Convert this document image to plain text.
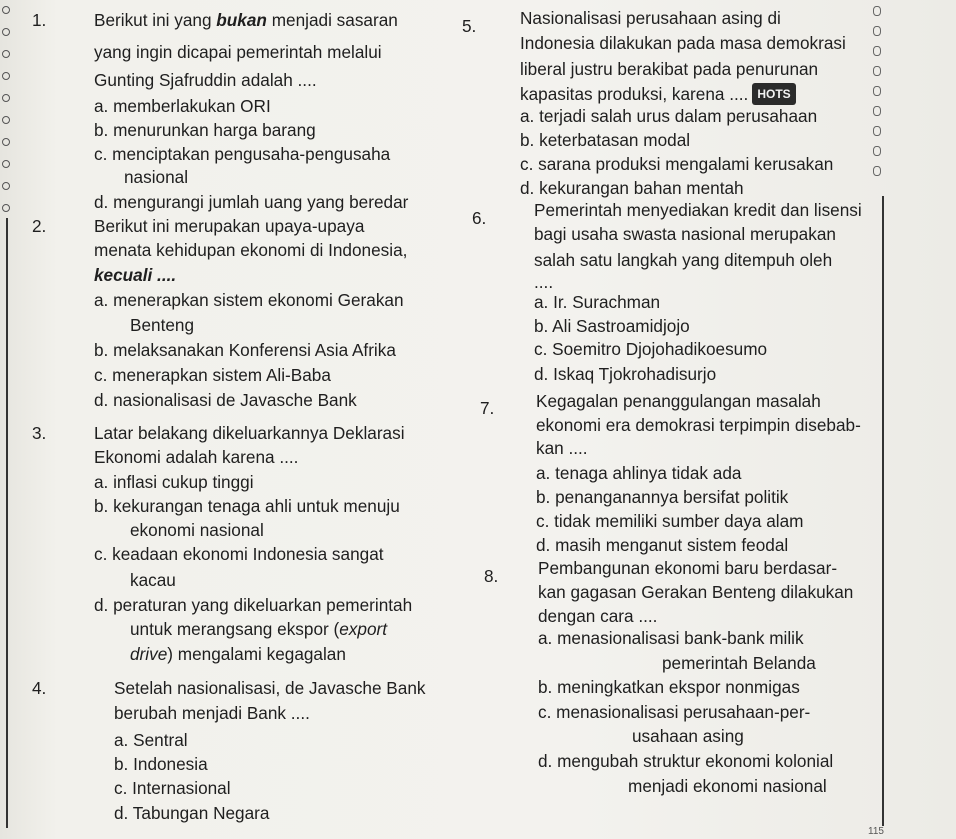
1.	Berikut ini yang bukan menjadi sasaran
yang ingin dicapai pemerintah melalui
Gunting Sjafruddin adalah ....
a. memberlakukan ORI
b. menurunkan harga barang
c. menciptakan pengusaha-pengusaha
nasional
d. mengurangi jumlah uang yang beredar
2.	Berikut ini merupakan upaya-upaya
menata kehidupan ekonomi di Indonesia,
kecuali ....
a. menerapkan sistem ekonomi Gerakan
Benteng
b. melaksanakan Konferensi Asia Afrika
c. menerapkan sistem Ali-Baba
d. nasionalisasi de Javasche Bank
3.	Latar belakang dikeluarkannya Deklarasi
Ekonomi adalah karena ....
a. inflasi cukup tinggi
b. kekurangan tenaga ahli untuk menuju
ekonomi nasional
c. keadaan ekonomi Indonesia sangat
kacau
d. peraturan yang dikeluarkan pemerintah
untuk merangsang ekspor (export
drive) mengalami kegagalan
4.	Setelah nasionalisasi, de Javasche Bank
berubah menjadi Bank ....
a. Sentral
b. Indonesia
c. Internasional
d. Tabungan Negara
5.	Nasionalisasi perusahaan asing di
Indonesia dilakukan pada masa demokrasi
liberal justru berakibat pada penurunan
kapasitas produksi, karena .... HOTS
a. terjadi salah urus dalam perusahaan
b. keterbatasan modal
c. sarana produksi mengalami kerusakan
d. kekurangan bahan mentah
6.	Pemerintah menyediakan kredit dan lisensi
bagi usaha swasta nasional merupakan
salah satu langkah yang ditempuh oleh
....
a. Ir. Surachman
b. Ali Sastroamidjojo
c. Soemitro Djojohadikoesumo
d. Iskaq Tjokrohadisurjo
7. Kegagalan penanggulangan masalah
ekonomi era demokrasi terpimpin disebab-
kan ....
a. tenaga ahlinya tidak ada
b. penanganannya bersifat politik
c. tidak memiliki sumber daya alam
d. masih menganut sistem feodal
8. Pembangunan ekonomi baru berdasar-
kan gagasan Gerakan Benteng dilakukan
dengan cara ....
a. menasionalisasi bank-bank milik
pemerintah Belanda
b. meningkatkan ekspor nonmigas
c. menasionalisasi perusahaan-per-
usahaan asing
d. mengubah struktur ekonomi kolonial
menjadi ekonomi nasional
115
